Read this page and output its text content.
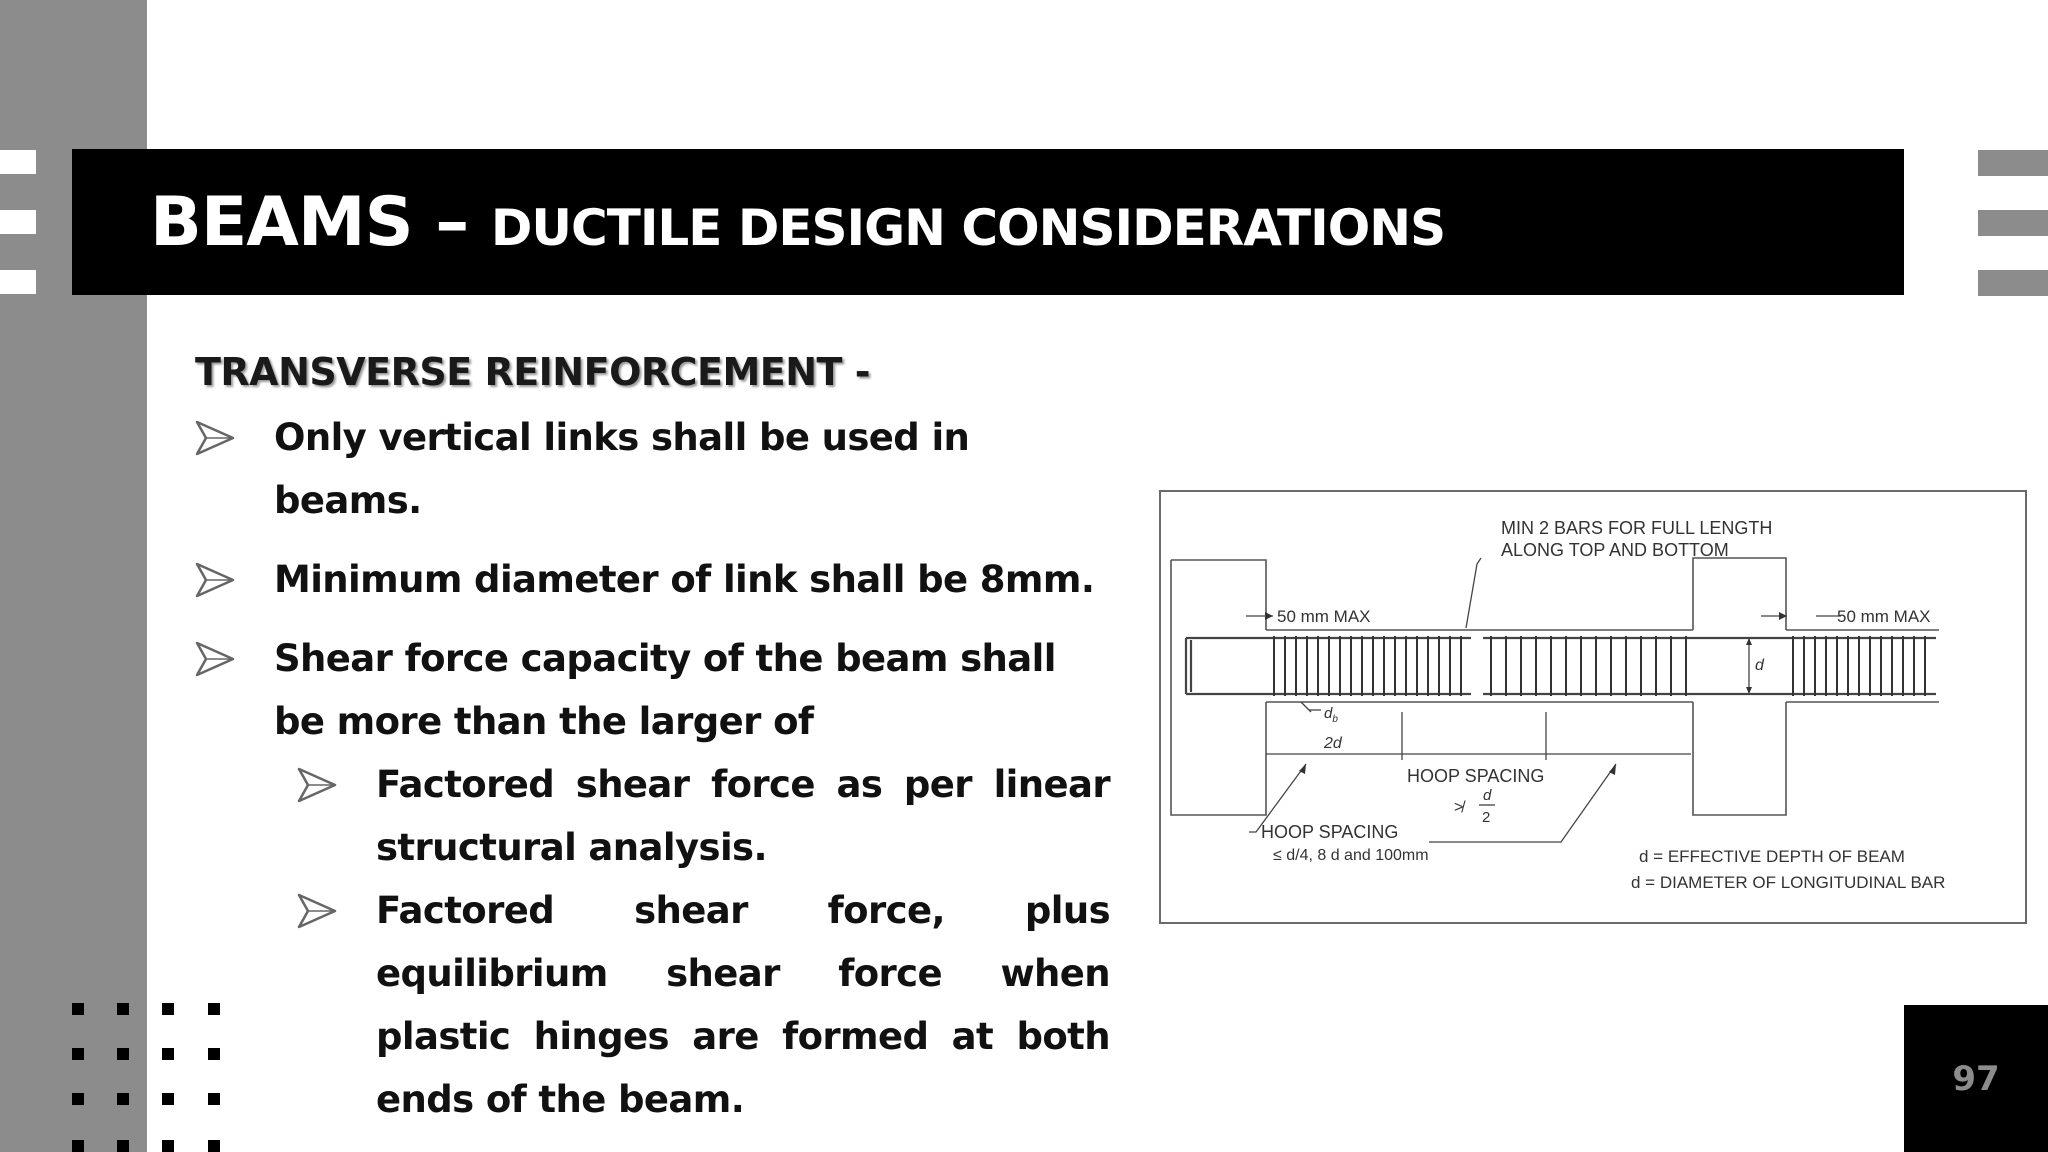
BEAMS – DUCTILE DESIGN CONSIDERATIONS
TRANSVERSE REINFORCEMENT -
Only vertical links shall be used in beams.
Minimum diameter of link shall be 8mm.
Shear force capacity of the beam shall be more than the larger of
Factored shear force as per linear structural analysis.
Factored shear force, plus equilibrium shear force when plastic hinges are formed at both ends of the beam.
MIN 2 BARS FOR FULL LENGTH
ALONG TOP AND BOTTOM
50 mm MAX	50 mm MAX
d
$d_b$
2d
HOOP SPACING
≯
d
2
HOOP SPACING
≤ d/4, 8 d and 100mm	d = EFFECTIVE DEPTH OF BEAM
d = DIAMETER OF LONGITUDINAL BAR
97
